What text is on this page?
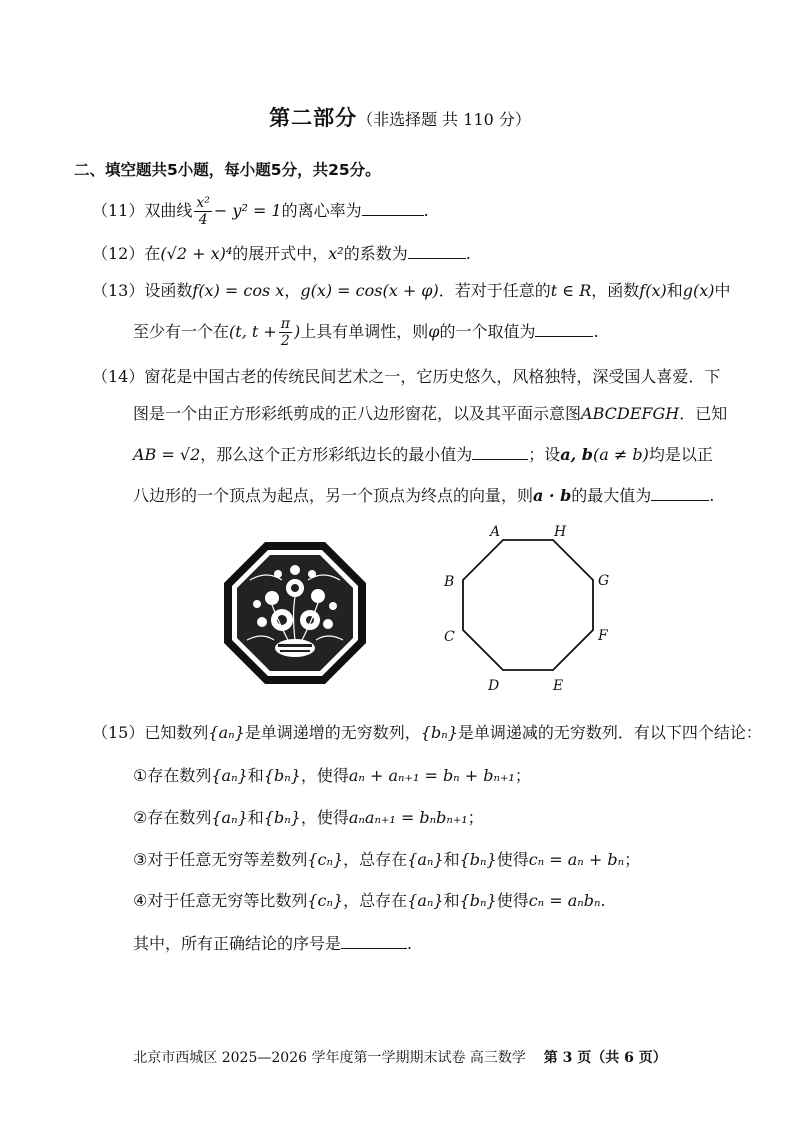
第二部分（非选择题 共 110 分）
二、填空题共5小题，每小题5分，共25分。
（11）双曲线 $\frac{\text{x²}}{4} - y^2 = 1$的离心率为	.
（12）在(√2 + x)⁴的展开式中，x²的系数为	.
（13）设函数f(x) = cos x，g(x) = cos(x + φ)．若对于任意的t ∈ R，函数f(x)和g(x)中
至少有一个在(t, $t + \frac{\pi}{2}$ )上具有单调性，则φ的一个取值为	.
（14）窗花是中国古老的传统民间艺术之一，它历史悠久，风格独特，深受国人喜爱．下
图是一个由正方形彩纸剪成的正八边形窗花，以及其平面示意图ABCDEFGH．已知
AB = √2，那么这个正方形彩纸边长的最小值为	；设a, b(a ≠ b)均是以正
八边形的一个顶点为起点，另一个顶点为终点的向量，则a · b的最大值为	.
A	H
G
F
E
D
C
B
（15）已知数列{aₙ}是单调递增的无穷数列，{bₙ}是单调递减的无穷数列．有以下四个结论：
①存在数列{aₙ}和{bₙ}，使得aₙ + aₙ₊₁ = bₙ + bₙ₊₁；
②存在数列{aₙ}和{bₙ}，使得aₙaₙ₊₁ = bₙbₙ₊₁；
③对于任意无穷等差数列{cₙ}，总存在{aₙ}和{bₙ}使得cₙ = aₙ + bₙ；
④对于任意无穷等比数列{cₙ}，总存在{aₙ}和{bₙ}使得cₙ = aₙbₙ.
其中，所有正确结论的序号是	.
北京市西城区 2025—2026 学年度第一学期期末试卷 高三数学 第 3 页（共 6 页）
